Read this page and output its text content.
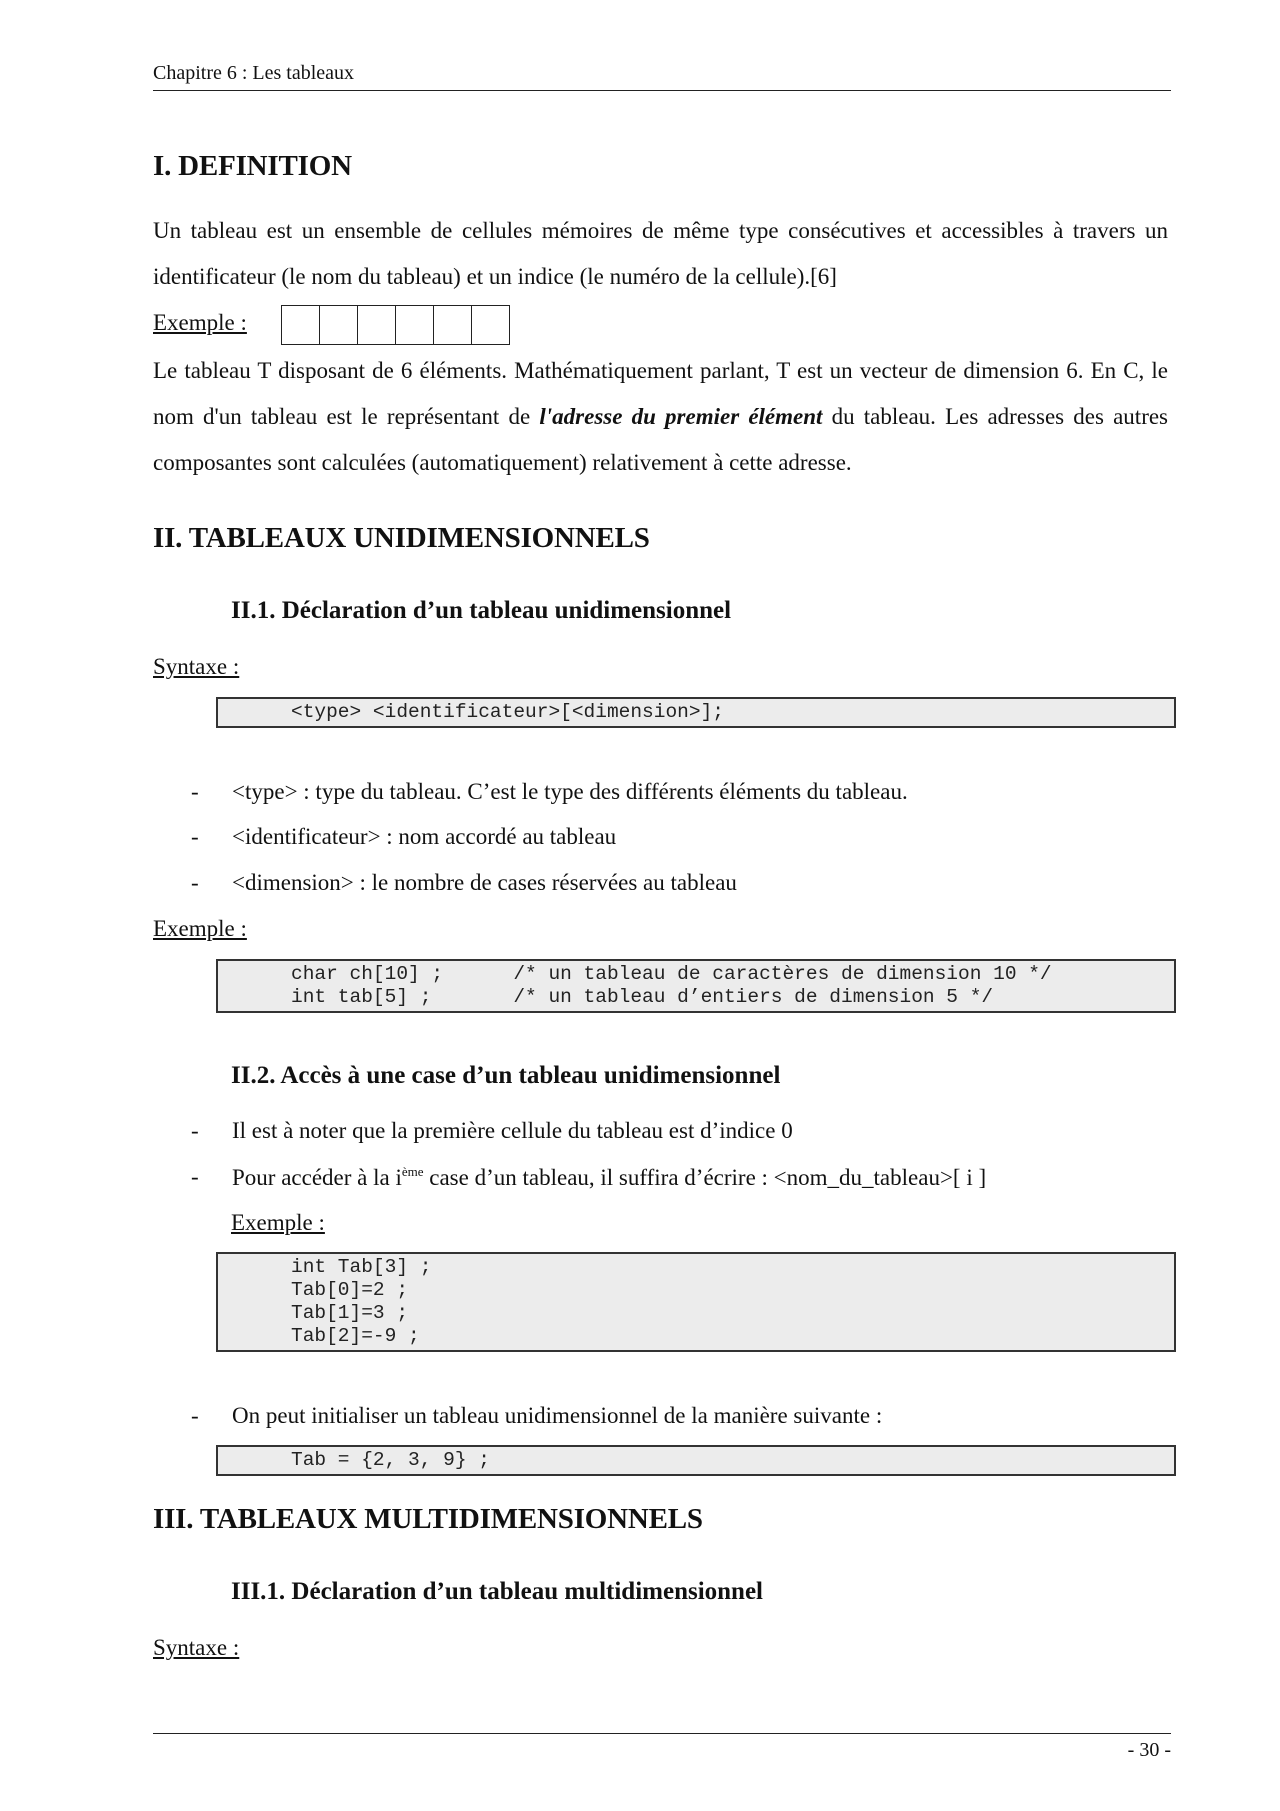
Chapitre 6 : Les tableaux
I. DEFINITION
Un tableau est un ensemble de cellules mémoires de même type consécutives et accessibles à travers un identificateur (le nom du tableau) et un indice (le numéro de la cellule).[6]
Exemple :
Le tableau T disposant de 6 éléments. Mathématiquement parlant, T est un vecteur de dimension 6. En C, le nom d'un tableau est le représentant de l'adresse du premier élément du tableau. Les adresses des autres composantes sont calculées (automatiquement) relativement à cette adresse.
II. TABLEAUX UNIDIMENSIONNELS
II.1. Déclaration d’un tableau unidimensionnel
Syntaxe :
<type> <identificateur>[<dimension>];
-	<type> : type du tableau. C’est le type des différents éléments du tableau.
-	<identificateur> : nom accordé au tableau
-	<dimension> : le nombre de cases réservées au tableau
Exemple :
char ch[10] ;      /* un tableau de caractères de dimension 10 */
int tab[5] ;       /* un tableau d’entiers de dimension 5 */
II.2. Accès à une case d’un tableau unidimensionnel
-	Il est à noter que la première cellule du tableau est d’indice 0
-	Pour accéder à la $i^{ème}$ case d’un tableau, il suffira d’écrire : <nom_du_tableau>[ i ]
Exemple :
int Tab[3] ;
Tab[0]=2 ;
Tab[1]=3 ;
Tab[2]=-9 ;
-	On peut initialiser un tableau unidimensionnel de la manière suivante :
Tab = {2, 3, 9} ;
III. TABLEAUX MULTIDIMENSIONNELS
III.1. Déclaration d’un tableau multidimensionnel
Syntaxe :
- 30 -
